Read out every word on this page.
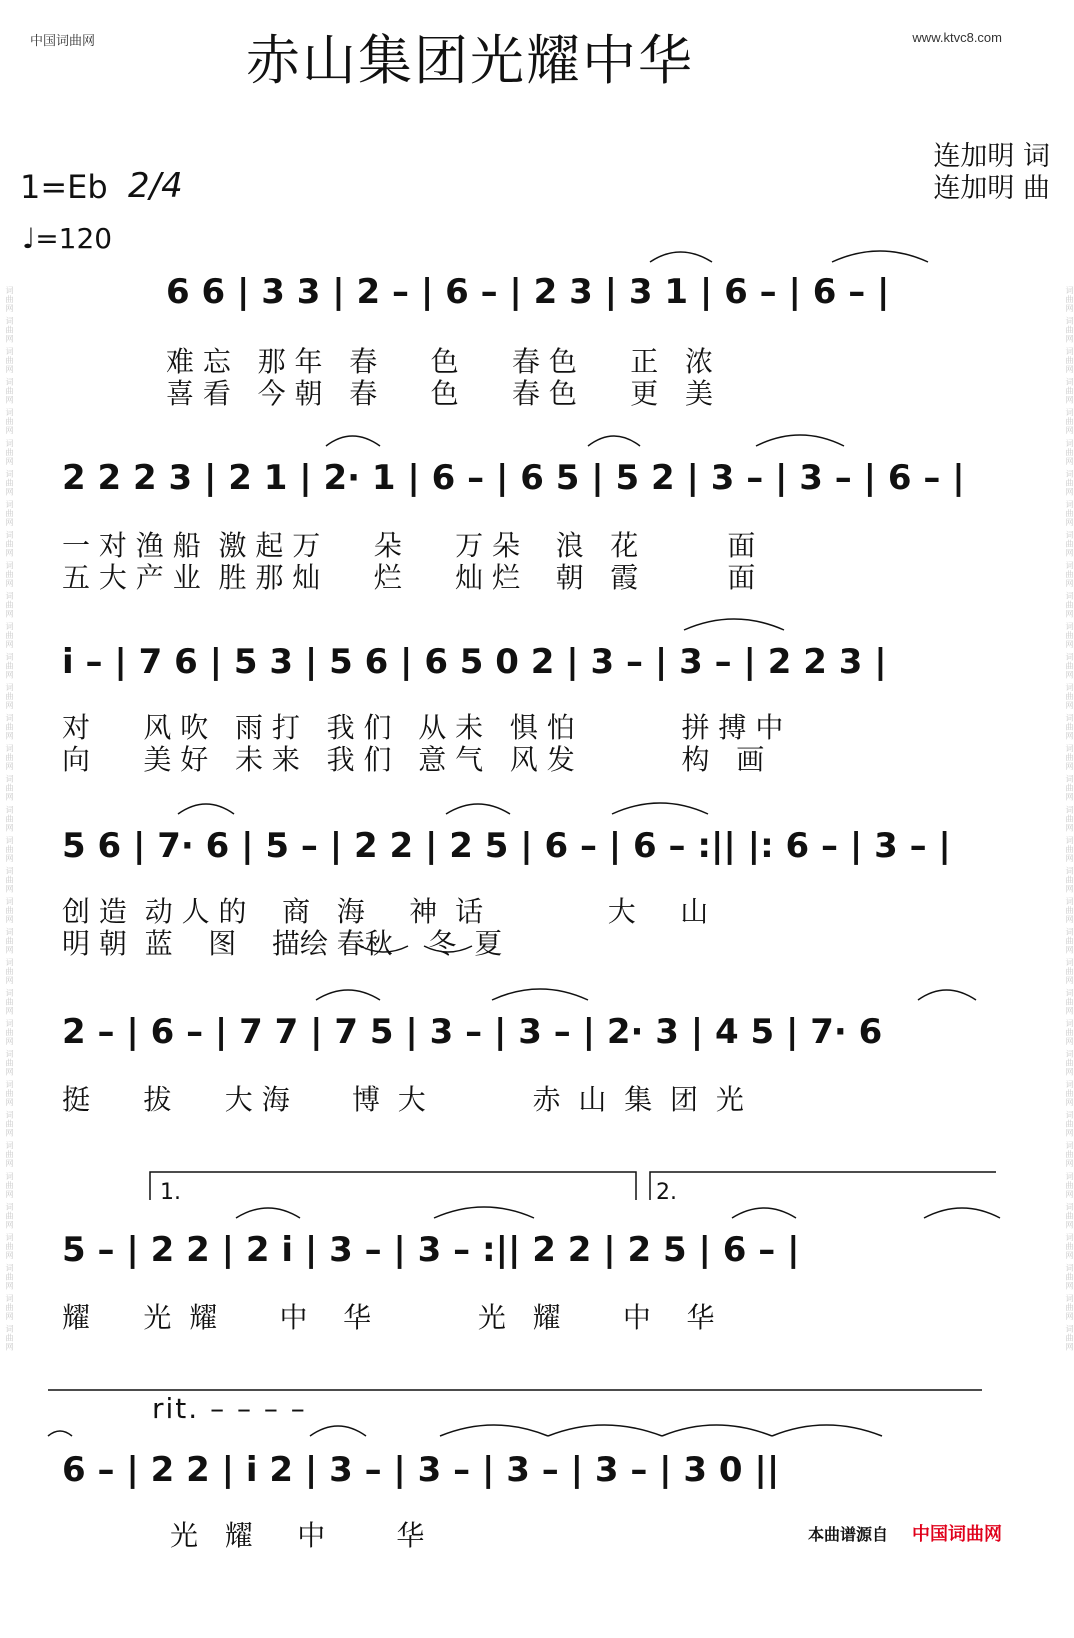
词曲网 词曲网 词曲网 词曲网 词曲网 词曲网 词曲网 词曲网 词曲网 词曲网 词曲网 词曲网 词曲网 词曲网 词曲网 词曲网 词曲网 词曲网 词曲网 词曲网 词曲网 词曲网 词曲网 词曲网 词曲网 词曲网 词曲网 词曲网 词曲网 词曲网 词曲网 词曲网 词曲网 词曲网 词曲网	词曲网 词曲网 词曲网 词曲网 词曲网 词曲网 词曲网 词曲网 词曲网 词曲网 词曲网 词曲网 词曲网 词曲网 词曲网 词曲网 词曲网 词曲网 词曲网 词曲网 词曲网 词曲网 词曲网 词曲网 词曲网 词曲网 词曲网 词曲网 词曲网 词曲网 词曲网 词曲网 词曲网 词曲网 词曲网
中国词曲网	www.ktvc8.com
赤山集团光耀中华
连加明 词
连加明 曲
1=Eb 2/4
♩=120
6 6 | 3 3 | 2 – | 6 – | 2 3 | 3 1 | 6 – | 6 – |
难 忘   那 年   春      色      春 色      正   浓
喜 看   今 朝   春      色      春 色      更   美
2 2 2 3 | 2 1 | 2· 1 | 6 – | 6 5 | 5 2 | 3 – | 3 – | 6 – |
一 对 渔 船  激 起 万      朵      万 朵    浪   花          面
五 大 产 业  胜 那 灿      烂      灿 烂    朝   霞          面
i – | 7 6 | 5 3 | 5 6 | 6 5 0 2 | 3 – | 3 – | 2 2 3 |
对      风 吹   雨 打   我 们   从 未   惧 怕            拼 搏 中
向      美 好   未 来   我 们   意 气   风 发            构   画
5 6 | 7· 6 | 5 – | 2 2 | 2 5 | 6 – | 6 – :|| |: 6 – | 3 – |
创 造  动 人 的    商   海     神  话              大     山
明 朝  蓝    图    描绘 春秋    冬  夏
2 – | 6 – | 7 7 | 7 5 | 3 – | 3 – | 2· 3 | 4 5 | 7· 6
挺      拔      大 海       博  大            赤  山  集  团  光
1.	2.
5 – | 2 2 | 2 i | 3 – | 3 – :|| 2 2 | 2 5 | 6 – |
耀      光  耀       中    华            光   耀       中    华
rit. – – – –
6 – | 2 2 | i 2 | 3 – | 3 – | 3 – | 3 – | 3 0 ||
光   耀     中        华	本曲谱源自 中国词曲网
